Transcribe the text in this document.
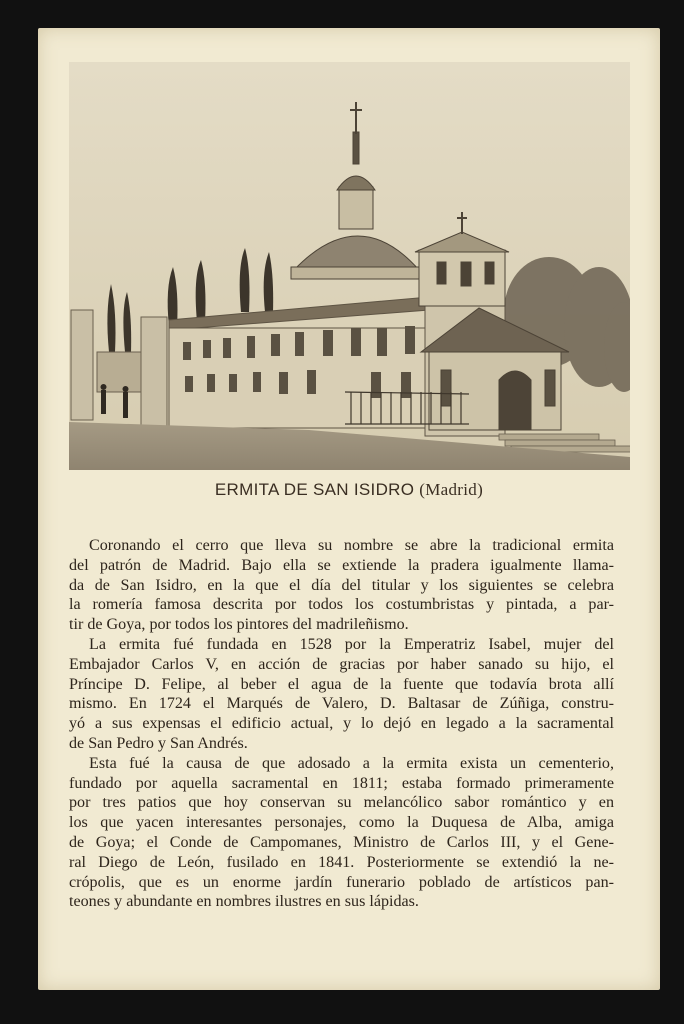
ERMITA DE SAN ISIDRO (Madrid)
Coronando el cerro que lleva su nombre se abre la tradicional ermita
del patrón de Madrid. Bajo ella se extiende la pradera igualmente llama-
da de San Isidro, en la que el día del titular y los siguientes se celebra
la romería famosa descrita por todos los costumbristas y pintada, a par-
tir de Goya, por todos los pintores del madrileñismo.
La ermita fué fundada en 1528 por la Emperatriz Isabel, mujer del
Embajador Carlos V, en acción de gracias por haber sanado su hijo, el
Príncipe D. Felipe, al beber el agua de la fuente que todavía brota allí
mismo. En 1724 el Marqués de Valero, D. Baltasar de Zúñiga, constru-
yó a sus expensas el edificio actual, y lo dejó en legado a la sacramental
de San Pedro y San Andrés.
Esta fué la causa de que adosado a la ermita exista un cementerio,
fundado por aquella sacramental en 1811; estaba formado primeramente
por tres patios que hoy conservan su melancólico sabor romántico y en
los que yacen interesantes personajes, como la Duquesa de Alba, amiga
de Goya; el Conde de Campomanes, Ministro de Carlos III, y el Gene-
ral Diego de León, fusilado en 1841. Posteriormente se extendió la ne-
crópolis, que es un enorme jardín funerario poblado de artísticos pan-
teones y abundante en nombres ilustres en sus lápidas.
